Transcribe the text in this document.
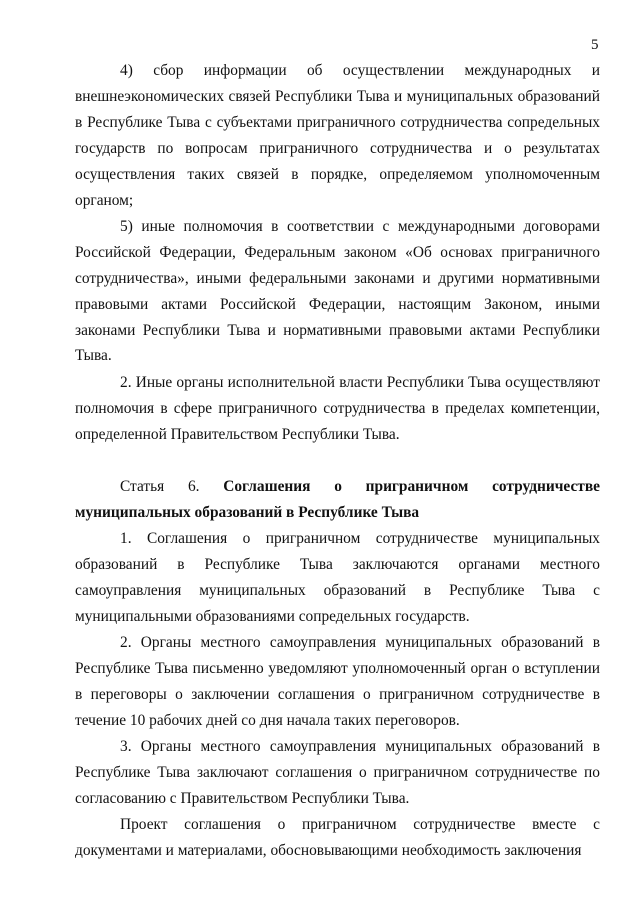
5

4) сбор информации об осуществлении международных и внешнеэкономических связей Республики Тыва и муниципальных образований в Республике Тыва с субъектами приграничного сотрудничества сопредельных государств по вопросам приграничного сотрудничества и о результатах осуществления таких связей в порядке, определяемом уполномоченным органом;

5) иные полномочия в соответствии с международными договорами Российской Федерации, Федеральным законом «Об основах приграничного сотрудничества», иными федеральными законами и другими нормативными правовыми актами Российской Федерации, настоящим Законом, иными законами Республики Тыва и нормативными правовыми актами Республики Тыва.

2. Иные органы исполнительной власти Республики Тыва осуществляют полномочия в сфере приграничного сотрудничества в пределах компетенции, определенной Правительством Республики Тыва.

Статья 6. Соглашения о приграничном сотрудничестве муниципальных образований в Республике Тыва

1. Соглашения о приграничном сотрудничестве муниципальных образований в Республике Тыва заключаются органами местного самоуправления муниципальных образований в Республике Тыва с муниципальными образованиями сопредельных государств.

2. Органы местного самоуправления муниципальных образований в Республике Тыва письменно уведомляют уполномоченный орган о вступлении в переговоры о заключении соглашения о приграничном сотрудничестве в течение 10 рабочих дней со дня начала таких переговоров.

3. Органы местного самоуправления муниципальных образований в Республике Тыва заключают соглашения о приграничном сотрудничестве по согласованию с Правительством Республики Тыва.

Проект соглашения о приграничном сотрудничестве вместе с документами и материалами, обосновывающими необходимость заключения
